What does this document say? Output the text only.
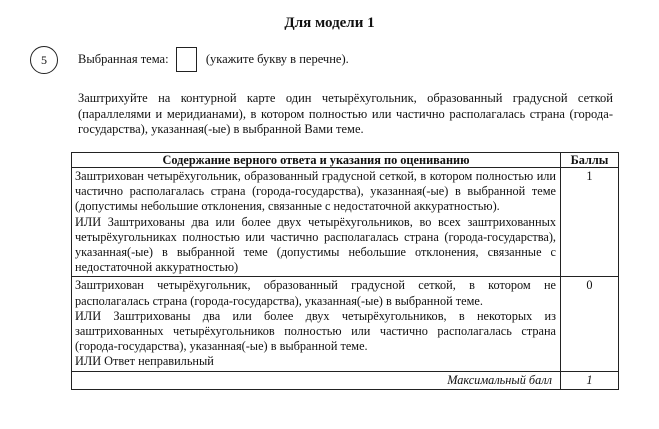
Для модели 1
5	Выбранная тема:	(укажите букву в перечне).
Заштрихуйте на контурной карте один четырёхугольник, образованный градусной сеткой (параллелями и меридианами), в котором полностью или частично располагалась страна (города-государства), указанная(-ые) в выбранной Вами теме.
Содержание верного ответа и указания по оцениванию	Баллы

Заштрихован четырёхугольник, образованный градусной сеткой, в котором полностью или частично располагалась страна (города-государства), указанная(-ые) в выбранной теме (допустимы небольшие отклонения, связанные с недостаточной аккуратностью).
ИЛИ Заштрихованы два или более двух четырёхугольников, во всех заштрихованных четырёхугольниках полностью или частично располагалась страна (города-государства), указанная(-ые) в выбранной теме (допустимы небольшие отклонения, связанные с недостаточной аккуратностью)	1

Заштрихован четырёхугольник, образованный градусной сеткой, в котором не располагалась страна (города-государства), указанная(-ые) в выбранной теме.
ИЛИ Заштрихованы два или более двух четырёхугольников, в некоторых из заштрихованных четырёхугольников полностью или частично располагалась страна (города-государства), указанная(-ые) в выбранной теме.
ИЛИ Ответ неправильный	0
Максимальный балл	1
